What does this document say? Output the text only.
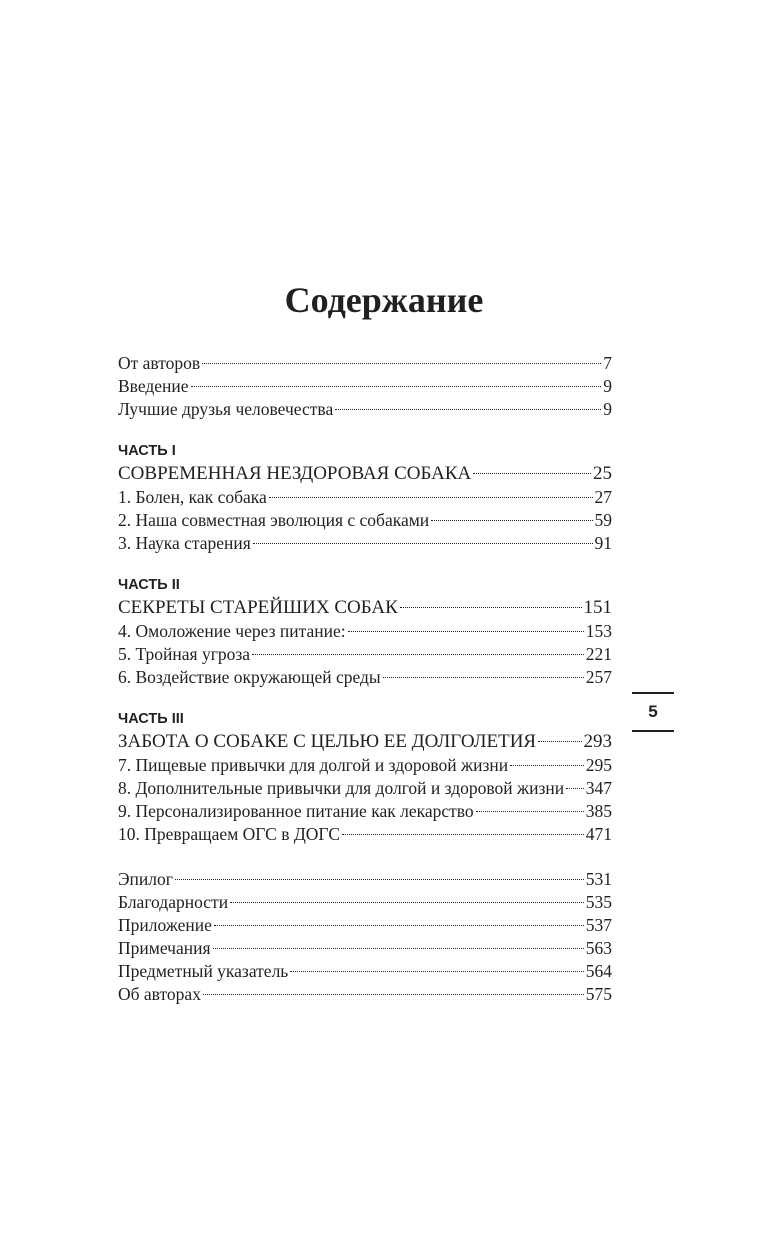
Содержание
От авторов	7
Введение	9
Лучшие друзья человечества	9
ЧАСТЬ I
СОВРЕМЕННАЯ НЕЗДОРОВАЯ СОБАКА	25
1. Болен, как собака	27
2. Наша совместная эволюция с собаками	59
3. Наука старения	91
ЧАСТЬ II
СЕКРЕТЫ СТАРЕЙШИХ СОБАК	151
4. Омоложение через питание:	153
5. Тройная угроза	221
6. Воздействие окружающей среды	257
ЧАСТЬ III
ЗАБОТА О СОБАКЕ С ЦЕЛЬЮ ЕЕ ДОЛГОЛЕТИЯ 293
7. Пищевые привычки для долгой и здоровой жизни	295
8. Дополнительные привычки для долгой и здоровой жизни 347
9. Персонализированное питание как лекарство	385
10. Превращаем ОГС в ДОГС	471
Эпилог	531
Благодарности	535
Приложение	537
Примечания	563
Предметный указатель	564
Об авторах	575
5
